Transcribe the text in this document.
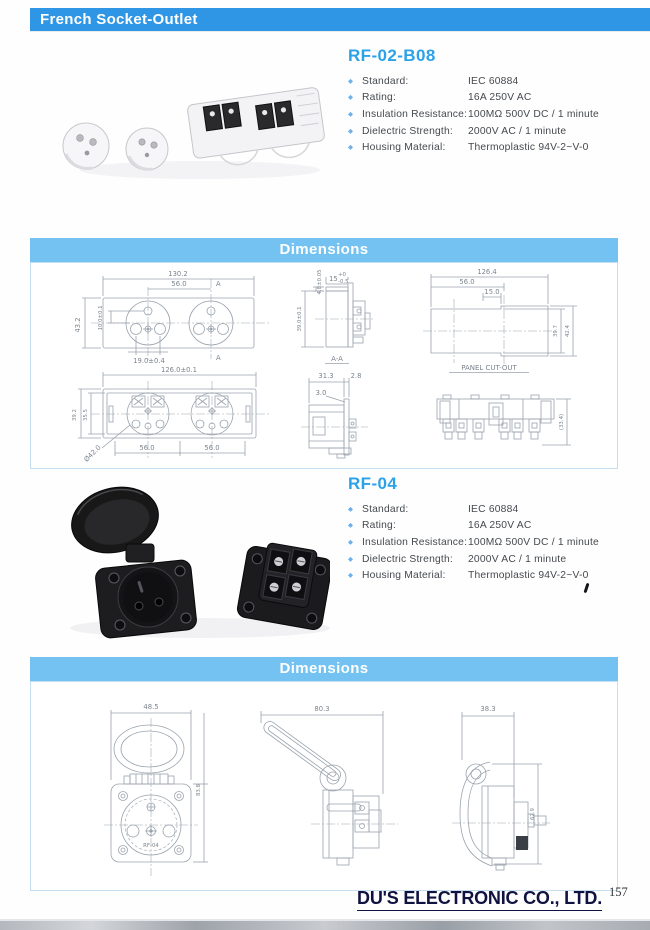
French Socket-Outlet
RF-02-B08
◆
Standard:	IEC 60884
◆
Rating:	16A 250V AC
◆
Insulation Resistance: 100MΩ 500V DC / 1 minute
◆
Dielectric Strength:	2000V AC / 1 minute
◆
Housing Material:	Thermoplastic 94V-2~V-0
Dimensions
130.2
56.0	A
A
43.2	10.0±0.1
19.0±0.4
15 +0
-0.5
4.8±0.05
39.0±0.1
A-A
126.4
56.0
15.0
39.7 42.4
PANEL CUT-OUT
126.0±0.1
39.2 35.5
Ø42.0	56.0	56.0
31.3	2.8
3.0
(33.4)
RF-04
◆
Standard:	IEC 60884
◆
Rating:	16A 250V AC
◆
Insulation Resistance: 100MΩ 500V DC / 1 minute
◆
Dielectric Strength:	2000V AC / 1 minute
◆
Housing Material:	Thermoplastic 94V-2~V-0
Dimensions
RF-04
48.5
83.8
80.3	38.3
62.9
DU'S ELECTRONIC CO., LTD. 157
